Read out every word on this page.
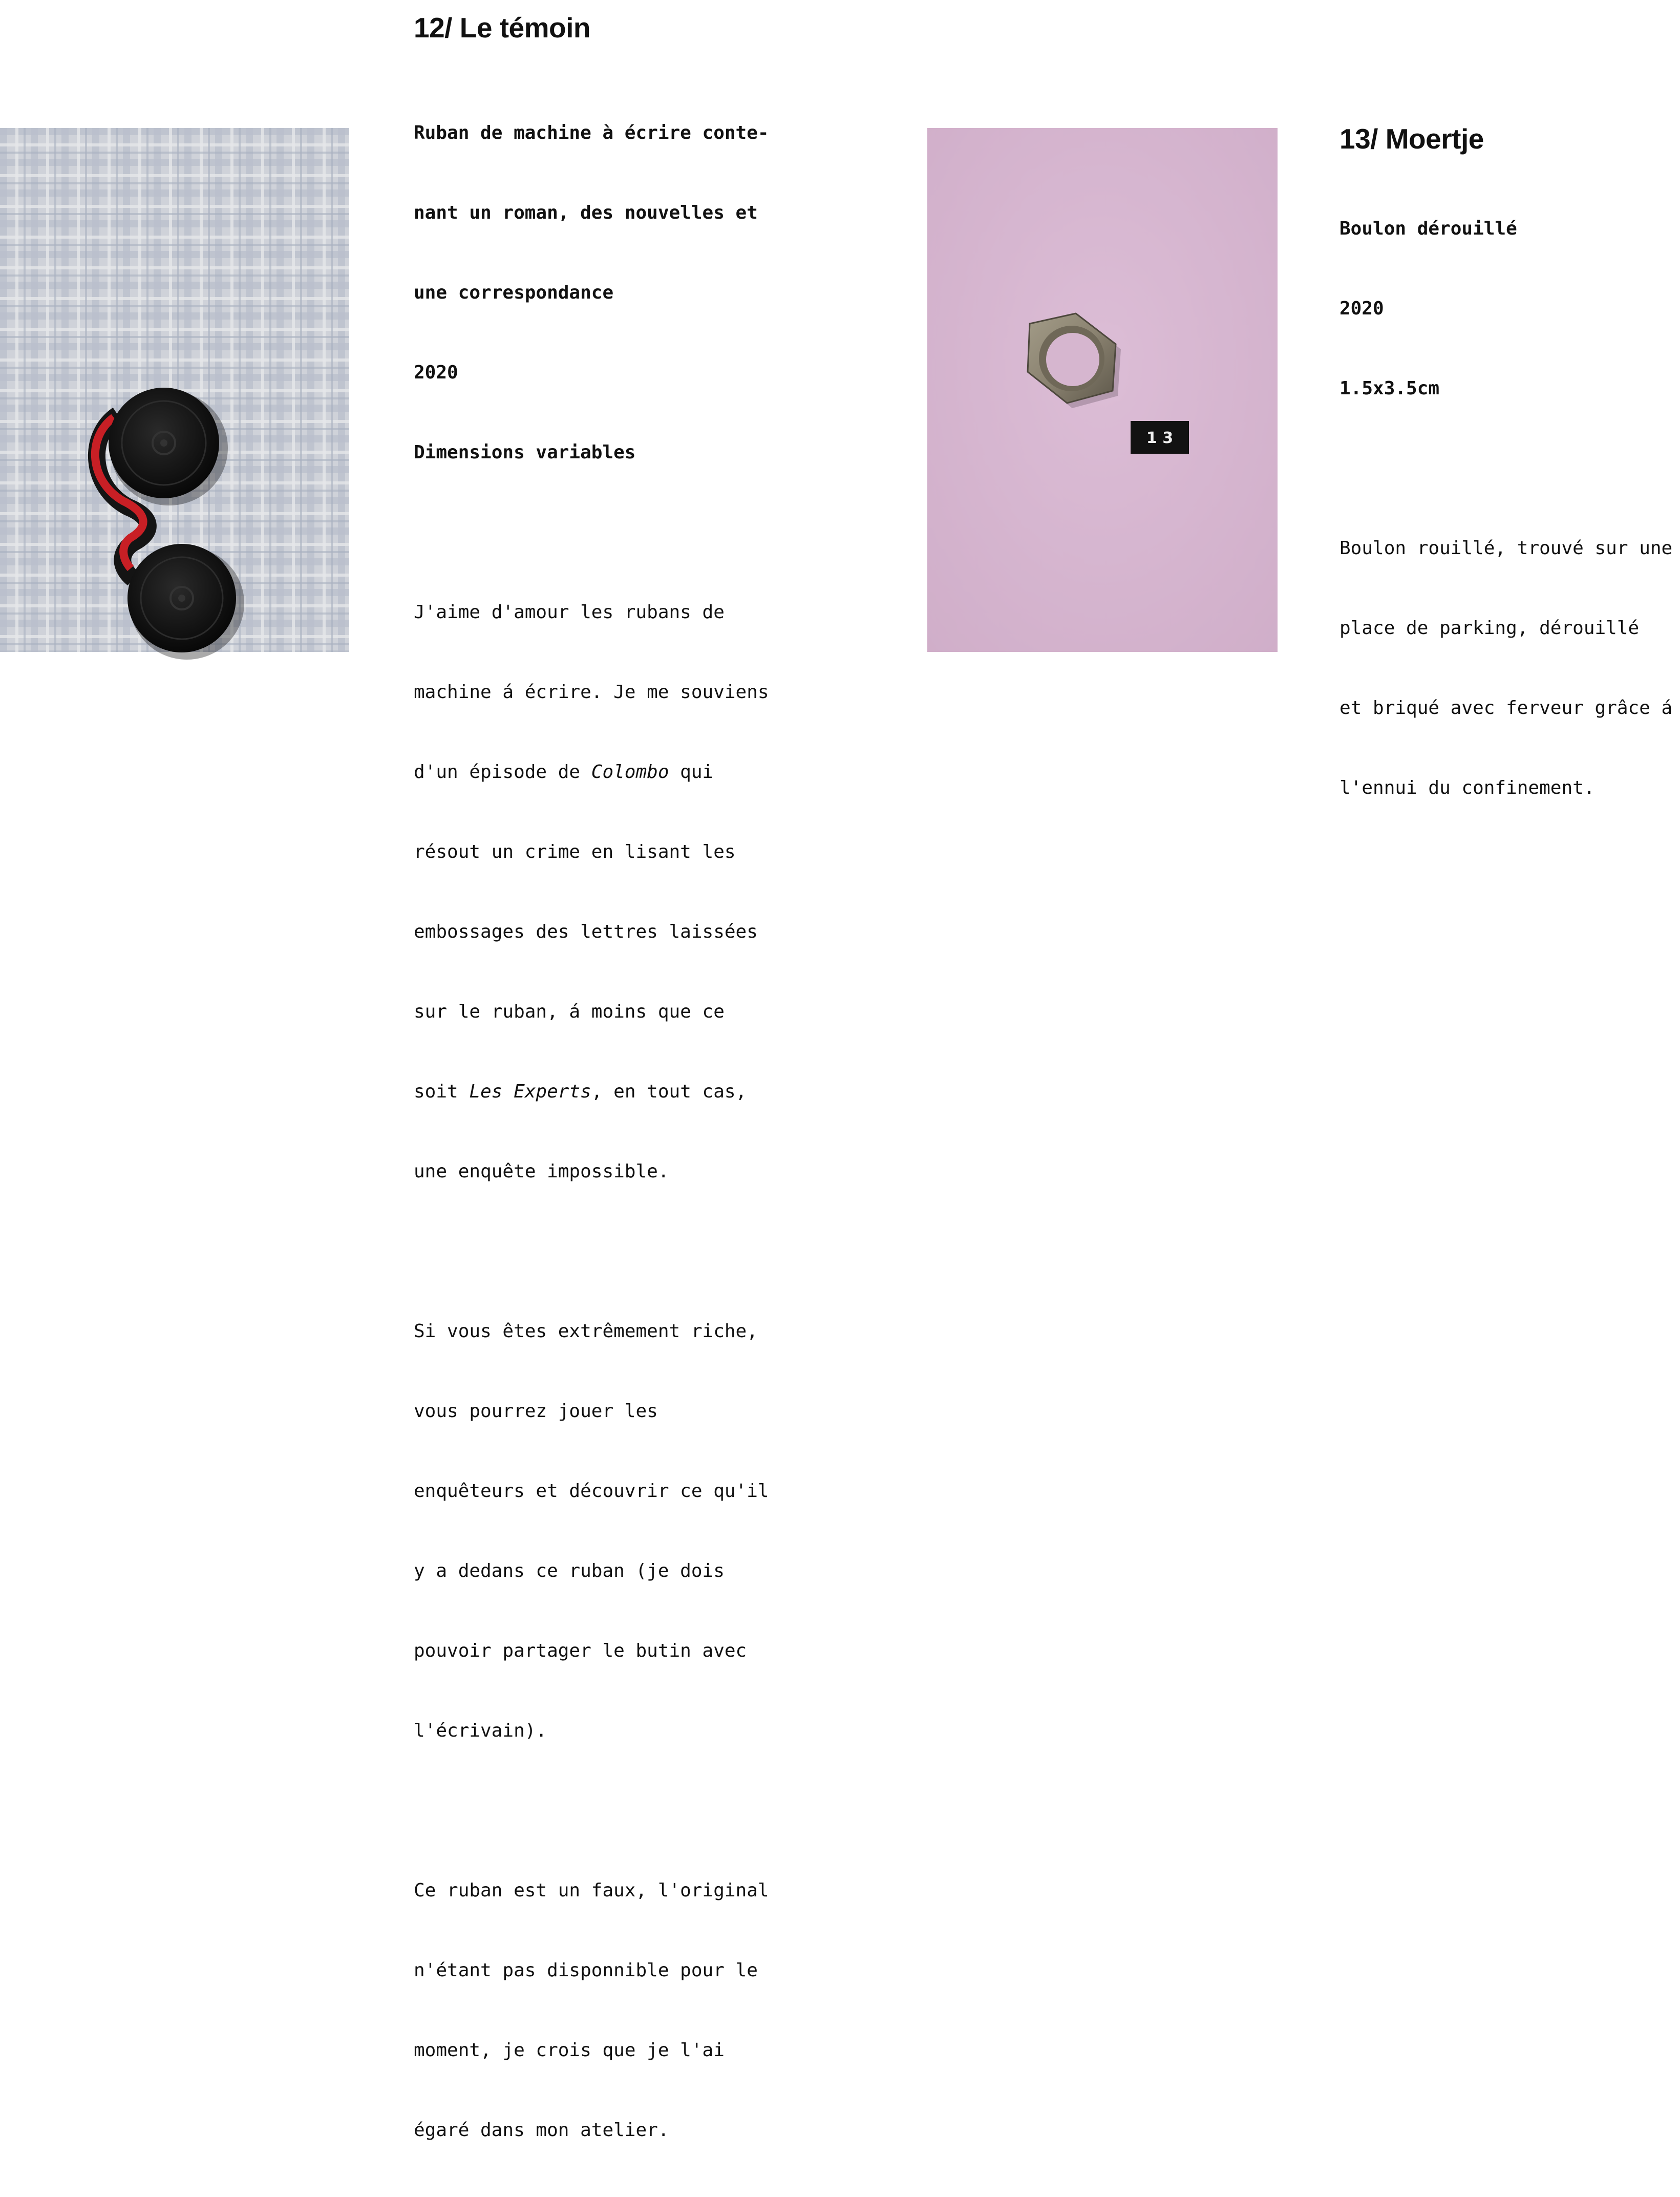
12/ Le témoin

Ruban de machine à écrire conte-

nant un roman, des nouvelles et

une correspondance

2020

Dimensions variables

J'aime d'amour les rubans de

machine á écrire. Je me souviens

d'un épisode de Colombo qui

résout un crime en lisant les

embossages des lettres laissées

sur le ruban, á moins que ce

soit Les Experts, en tout cas,

une enquête impossible.

Si vous êtes extrêmement riche,

vous pourrez jouer les

enquêteurs et découvrir ce qu'il

y a dedans ce ruban (je dois

pouvoir partager le butin avec

l'écrivain).

Ce ruban est un faux, l'original

n'étant pas disponnible pour le

moment, je crois que je l'ai

égaré dans mon atelier.

1 3
13/ Moertje

Boulon dérouillé

2020

1.5x3.5cm

Boulon rouillé, trouvé sur une

place de parking, dérouillé

et briqué avec ferveur grâce á

l'ennui du confinement.
